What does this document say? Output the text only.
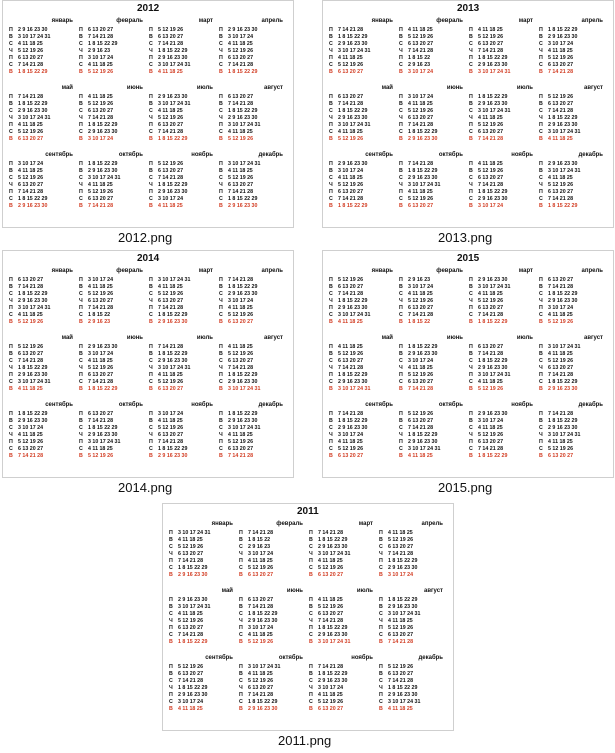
2012
январь
П 2 9 16 23 30
В 3 10 17 24 31
С 4 11 18 25
Ч 5 12 19 26
П 6 13 20 27
С 7 14 21 28
В 1 8 15 22 29
февраль
П 6 13 20 27
В 7 14 21 28
С 1 8 15 22 29
Ч 2 9 16 23
П 3 10 17 24
С 4 11 18 25
В 5 12 19 26
март
П 5 12 19 26
В 6 13 20 27
С 7 14 21 28
Ч 1 8 15 22 29
П 2 9 16 23 30
С 3 10 17 24 31
В 4 11 18 25
апрель
П 2 9 16 23 30
В 3 10 17 24
С 4 11 18 25
Ч 5 12 19 26
П 6 13 20 27
С 7 14 21 28
В 1 8 15 22 29
май
П 7 14 21 28
В 1 8 15 22 29
С 2 9 16 23 30
Ч 3 10 17 24 31
П 4 11 18 25
С 5 12 19 26
В 6 13 20 27
июнь
П 4 11 18 25
В 5 12 19 26
С 6 13 20 27
Ч 7 14 21 28
П 1 8 15 22 29
С 2 9 16 23 30
В 3 10 17 24
июль
П 2 9 16 23 30
В 3 10 17 24 31
С 4 11 18 25
Ч 5 12 19 26
П 6 13 20 27
С 7 14 21 28
В 1 8 15 22 29
август
П 6 13 20 27
В 7 14 21 28
С 1 8 15 22 29
Ч 2 9 16 23 30
П 3 10 17 24 31
С 4 11 18 25
В 5 12 19 26
сентябрь
П 3 10 17 24
В 4 11 18 25
С 5 12 19 26
Ч 6 13 20 27
П 7 14 21 28
С 1 8 15 22 29
В 2 9 16 23 30
октябрь
П 1 8 15 22 29
В 2 9 16 23 30
С 3 10 17 24 31
Ч 4 11 18 25
П 5 12 19 26
С 6 13 20 27
В 7 14 21 28
ноябрь
П 5 12 19 26
В 6 13 20 27
С 7 14 21 28
Ч 1 8 15 22 29
П 2 9 16 23 30
С 3 10 17 24
В 4 11 18 25
декабрь
П 3 10 17 24 31
В 4 11 18 25
С 5 12 19 26
Ч 6 13 20 27
П 7 14 21 28
С 1 8 15 22 29
В 2 9 16 23 30
2012.png
2013
январь
П 7 14 21 28
В 1 8 15 22 29
С 2 9 16 23 30
Ч 3 10 17 24 31
П 4 11 18 25
С 5 12 19 26
В 6 13 20 27
февраль
П 4 11 18 25
В 5 12 19 26
С 6 13 20 27
Ч 7 14 21 28
П 1 8 15 22
С 2 9 16 23
В 3 10 17 24
март
П 4 11 18 25
В 5 12 19 26
С 6 13 20 27
Ч 7 14 21 28
П 1 8 15 22 29
С 2 9 16 23 30
В 3 10 17 24 31
апрель
П 1 8 15 22 29
В 2 9 16 23 30
С 3 10 17 24
Ч 4 11 18 25
П 5 12 19 26
С 6 13 20 27
В 7 14 21 28
май
П 6 13 20 27
В 7 14 21 28
С 1 8 15 22 29
Ч 2 9 16 23 30
П 3 10 17 24 31
С 4 11 18 25
В 5 12 19 26
июнь
П 3 10 17 24
В 4 11 18 25
С 5 12 19 26
Ч 6 13 20 27
П 7 14 21 28
С 1 8 15 22 29
В 2 9 16 23 30
июль
П 1 8 15 22 29
В 2 9 16 23 30
С 3 10 17 24 31
Ч 4 11 18 25
П 5 12 19 26
С 6 13 20 27
В 7 14 21 28
август
П 5 12 19 26
В 6 13 20 27
С 7 14 21 28
Ч 1 8 15 22 29
П 2 9 16 23 30
С 3 10 17 24 31
В 4 11 18 25
сентябрь
П 2 9 16 23 30
В 3 10 17 24
С 4 11 18 25
Ч 5 12 19 26
П 6 13 20 27
С 7 14 21 28
В 1 8 15 22 29
октябрь
П 7 14 21 28
В 1 8 15 22 29
С 2 9 16 23 30
Ч 3 10 17 24 31
П 4 11 18 25
С 5 12 19 26
В 6 13 20 27
ноябрь
П 4 11 18 25
В 5 12 19 26
С 6 13 20 27
Ч 7 14 21 28
П 1 8 15 22 29
С 2 9 16 23 30
В 3 10 17 24
декабрь
П 2 9 16 23 30
В 3 10 17 24 31
С 4 11 18 25
Ч 5 12 19 26
П 6 13 20 27
С 7 14 21 28
В 1 8 15 22 29
2013.png
2014
январь
П 6 13 20 27
В 7 14 21 28
С 1 8 15 22 29
Ч 2 9 16 23 30
П 3 10 17 24 31
С 4 11 18 25
В 5 12 19 26
февраль
П 3 10 17 24
В 4 11 18 25
С 5 12 19 26
Ч 6 13 20 27
П 7 14 21 28
С 1 8 15 22
В 2 9 16 23
март
П 3 10 17 24 31
В 4 11 18 25
С 5 12 19 26
Ч 6 13 20 27
П 7 14 21 28
С 1 8 15 22 29
В 2 9 16 23 30
апрель
П 7 14 21 28
В 1 8 15 22 29
С 2 9 16 23 30
Ч 3 10 17 24
П 4 11 18 25
С 5 12 19 26
В 6 13 20 27
май
П 5 12 19 26
В 6 13 20 27
С 7 14 21 28
Ч 1 8 15 22 29
П 2 9 16 23 30
С 3 10 17 24 31
В 4 11 18 25
июнь
П 2 9 16 23 30
В 3 10 17 24
С 4 11 18 25
Ч 5 12 19 26
П 6 13 20 27
С 7 14 21 28
В 1 8 15 22 29
июль
П 7 14 21 28
В 1 8 15 22 29
С 2 9 16 23 30
Ч 3 10 17 24 31
П 4 11 18 25
С 5 12 19 26
В 6 13 20 27
август
П 4 11 18 25
В 5 12 19 26
С 6 13 20 27
Ч 7 14 21 28
П 1 8 15 22 29
С 2 9 16 23 30
В 3 10 17 24 31
сентябрь
П 1 8 15 22 29
В 2 9 16 23 30
С 3 10 17 24
Ч 4 11 18 25
П 5 12 19 26
С 6 13 20 27
В 7 14 21 28
октябрь
П 6 13 20 27
В 7 14 21 28
С 1 8 15 22 29
Ч 2 9 16 23 30
П 3 10 17 24 31
С 4 11 18 25
В 5 12 19 26
ноябрь
П 3 10 17 24
В 4 11 18 25
С 5 12 19 26
Ч 6 13 20 27
П 7 14 21 28
С 1 8 15 22 29
В 2 9 16 23 30
декабрь
П 1 8 15 22 29
В 2 9 16 23 30
С 3 10 17 24 31
Ч 4 11 18 25
П 5 12 19 26
С 6 13 20 27
В 7 14 21 28
2014.png
2015
январь
П 5 12 19 26
В 6 13 20 27
С 7 14 21 28
Ч 1 8 15 22 29
П 2 9 16 23 30
С 3 10 17 24 31
В 4 11 18 25
февраль
П 2 9 16 23
В 3 10 17 24
С 4 11 18 25
Ч 5 12 19 26
П 6 13 20 27
С 7 14 21 28
В 1 8 15 22
март
П 2 9 16 23 30
В 3 10 17 24 31
С 4 11 18 25
Ч 5 12 19 26
П 6 13 20 27
С 7 14 21 28
В 1 8 15 22 29
апрель
П 6 13 20 27
В 7 14 21 28
С 1 8 15 22 29
Ч 2 9 16 23 30
П 3 10 17 24
С 4 11 18 25
В 5 12 19 26
май
П 4 11 18 25
В 5 12 19 26
С 6 13 20 27
Ч 7 14 21 28
П 1 8 15 22 29
С 2 9 16 23 30
В 3 10 17 24 31
июнь
П 1 8 15 22 29
В 2 9 16 23 30
С 3 10 17 24
Ч 4 11 18 25
П 5 12 19 26
С 6 13 20 27
В 7 14 21 28
июль
П 6 13 20 27
В 7 14 21 28
С 1 8 15 22 29
Ч 2 9 16 23 30
П 3 10 17 24 31
С 4 11 18 25
В 5 12 19 26
август
П 3 10 17 24 31
В 4 11 18 25
С 5 12 19 26
Ч 6 13 20 27
П 7 14 21 28
С 1 8 15 22 29
В 2 9 16 23 30
сентябрь
П 7 14 21 28
В 1 8 15 22 29
С 2 9 16 23 30
Ч 3 10 17 24
П 4 11 18 25
С 5 12 19 26
В 6 13 20 27
октябрь
П 5 12 19 26
В 6 13 20 27
С 7 14 21 28
Ч 1 8 15 22 29
П 2 9 16 23 30
С 3 10 17 24 31
В 4 11 18 25
ноябрь
П 2 9 16 23 30
В 3 10 17 24
С 4 11 18 25
Ч 5 12 19 26
П 6 13 20 27
С 7 14 21 28
В 1 8 15 22 29
декабрь
П 7 14 21 28
В 1 8 15 22 29
С 2 9 16 23 30
Ч 3 10 17 24 31
П 4 11 18 25
С 5 12 19 26
В 6 13 20 27
2015.png
2011
январь
П 3 10 17 24 31
В 4 11 18 25
С 5 12 19 26
Ч 6 13 20 27
П 7 14 21 28
С 1 8 15 22 29
В 2 9 16 23 30
февраль
П 7 14 21 28
В 1 8 15 22
С 2 9 16 23
Ч 3 10 17 24
П 4 11 18 25
С 5 12 19 26
В 6 13 20 27
март
П 7 14 21 28
В 1 8 15 22 29
С 2 9 16 23 30
Ч 3 10 17 24 31
П 4 11 18 25
С 5 12 19 26
В 6 13 20 27
апрель
П 4 11 18 25
В 5 12 19 26
С 6 13 20 27
Ч 7 14 21 28
П 1 8 15 22 29
С 2 9 16 23 30
В 3 10 17 24
май
П 2 9 16 23 30
В 3 10 17 24 31
С 4 11 18 25
Ч 5 12 19 26
П 6 13 20 27
С 7 14 21 28
В 1 8 15 22 29
июнь
П 6 13 20 27
В 7 14 21 28
С 1 8 15 22 29
Ч 2 9 16 23 30
П 3 10 17 24
С 4 11 18 25
В 5 12 19 26
июль
П 4 11 18 25
В 5 12 19 26
С 6 13 20 27
Ч 7 14 21 28
П 1 8 15 22 29
С 2 9 16 23 30
В 3 10 17 24 31
август
П 1 8 15 22 29
В 2 9 16 23 30
С 3 10 17 24 31
Ч 4 11 18 25
П 5 12 19 26
С 6 13 20 27
В 7 14 21 28
сентябрь
П 5 12 19 26
В 6 13 20 27
С 7 14 21 28
Ч 1 8 15 22 29
П 2 9 16 23 30
С 3 10 17 24
В 4 11 18 25
октябрь
П 3 10 17 24 31
В 4 11 18 25
С 5 12 19 26
Ч 6 13 20 27
П 7 14 21 28
С 1 8 15 22 29
В 2 9 16 23 30
ноябрь
П 7 14 21 28
В 1 8 15 22 29
С 2 9 16 23 30
Ч 3 10 17 24
П 4 11 18 25
С 5 12 19 26
В 6 13 20 27
декабрь
П 5 12 19 26
В 6 13 20 27
С 7 14 21 28
Ч 1 8 15 22 29
П 2 9 16 23 30
С 3 10 17 24 31
В 4 11 18 25
2011.png
